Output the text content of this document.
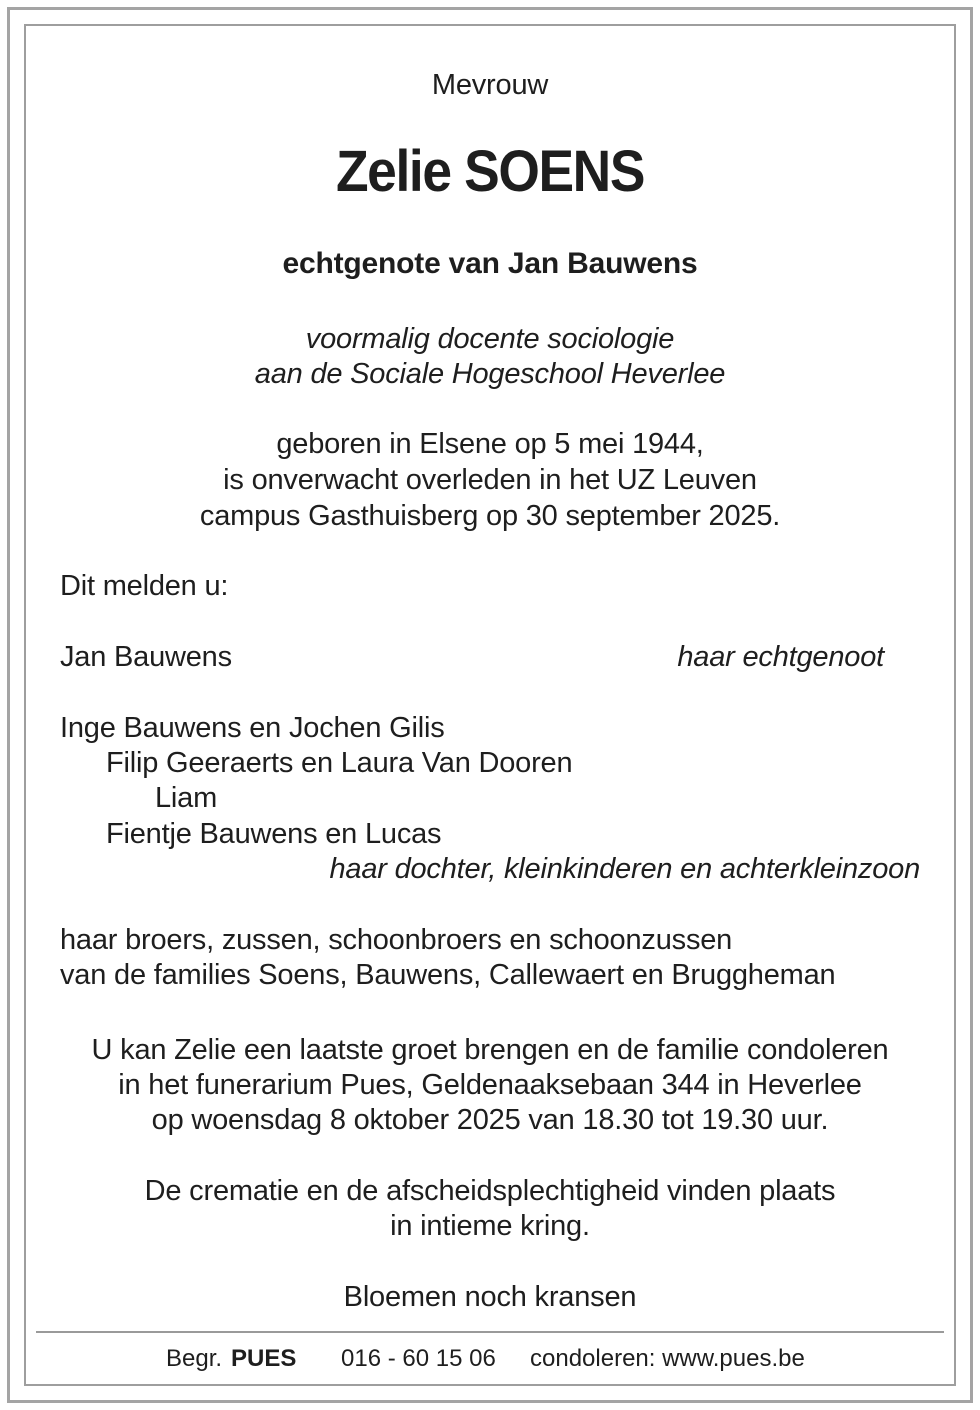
Mevrouw
Zelie SOENS
echtgenote van Jan Bauwens
voormalig docente sociologie
aan de Sociale Hogeschool Heverlee
geboren in Elsene op 5 mei 1944,
is onverwacht overleden in het UZ Leuven
campus Gasthuisberg op 30 september 2025.
Dit melden u:
Jan Bauwens	haar echtgenoot
Inge Bauwens en Jochen Gilis
Filip Geeraerts en Laura Van Dooren
Liam
Fientje Bauwens en Lucas
haar dochter, kleinkinderen en achterkleinzoon
haar broers, zussen, schoonbroers en schoonzussen
van de families Soens, Bauwens, Callewaert en Bruggheman
U kan Zelie een laatste groet brengen en de familie condoleren
in het funerarium Pues, Geldenaaksebaan 344 in Heverlee
op woensdag 8 oktober 2025 van 18.30 tot 19.30 uur.
De crematie en de afscheidsplechtigheid vinden plaats
in intieme kring.
Bloemen noch kransen
Begr. PUES 016 - 60 15 06 condoleren: www.pues.be
